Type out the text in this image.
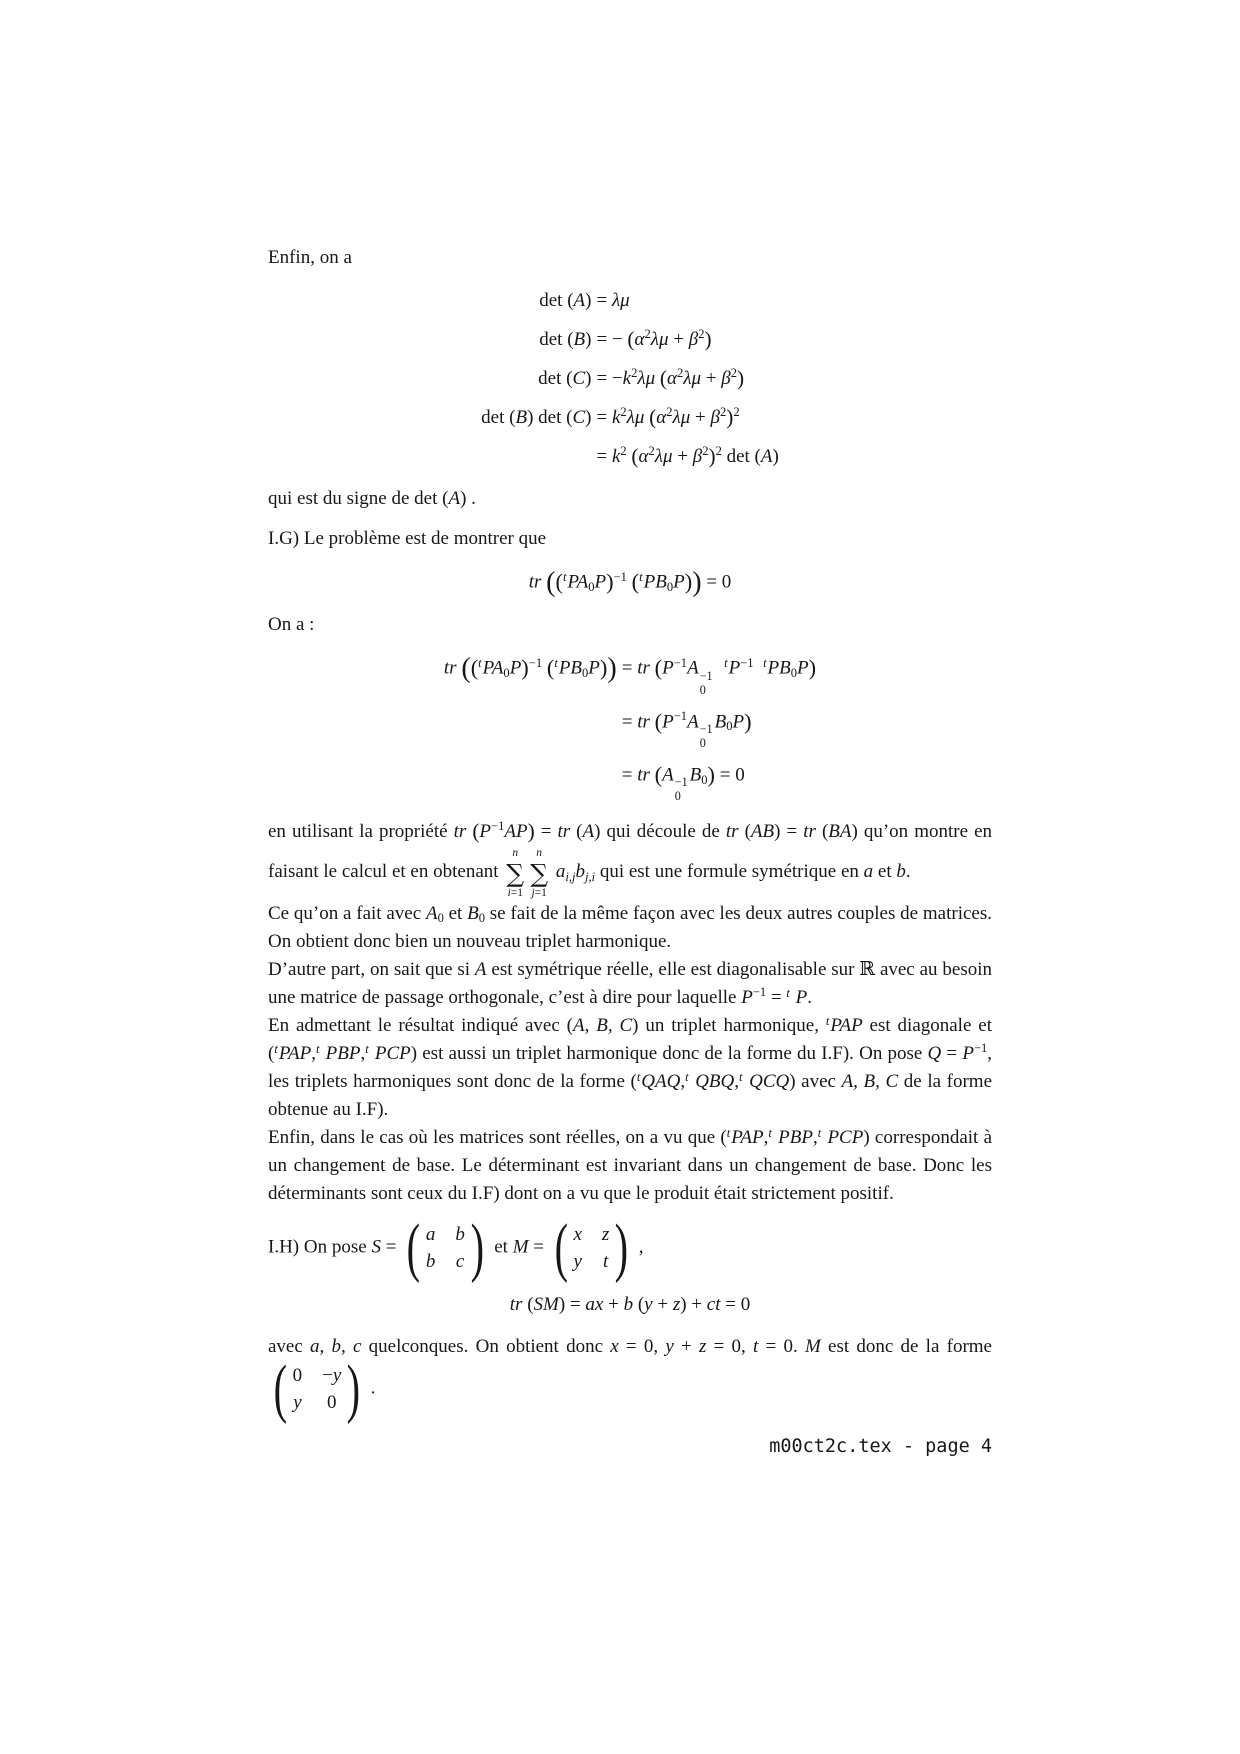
Enfin, on a

det (A) = λμ
det (B) = − $(\alpha^2\lambda\mu + \beta^2)$
$\det (C) = -k^2\lambda\mu$ $(\alpha^2\lambda\mu + \beta^2)$
det (B) $\det (C) = k^2\lambda\mu$ $(\alpha^2\lambda\mu + \beta^2)^2$
= $k^2$ $(\alpha^2\lambda\mu + \beta^2)^2$ det (A)

qui est du signe de det (A) .

I.G) Le problème est de montrer que

tr ($(^tPA_0P)^{-1}$ $(^tPB_0P)) = 0$

On a :

tr ($(^tPA_0P)^{-1}$ $(^tPB_0P)$) = tr ($P^{-1}A -1$
0
$^tP^{-1}$ $^tPB_0P$)
= tr ($P^{-1}A -1$
0
$B_0P$)
= tr (A −1
0
$B_0) = 0$

en utilisant la propriété tr $(P^{-1}AP)$ = tr (A) qui découle de tr (AB) = tr (BA) qu’on montre en faisant le calcul et en obtenant
n
∑
i=1
n
∑
j=1
$a_{i,j}b_{j,i}$ qui est une formule symétrique en a et b.

Ce qu’on a fait avec $A_0$ et $B_0$ se fait de la même façon avec les deux autres couples de matrices. On obtient donc bien un nouveau triplet harmonique.

D’autre part, on sait que si A est symétrique réelle, elle est diagonalisable sur ℝ avec au besoin une matrice de passage orthogonale, c’est à dire pour laquelle $P^{-1} = ^t$ P.

En admettant le résultat indiqué avec (A, B, C) un triplet harmonique, $^t$PAP est diagonale et ($^t$PAP,$^t$ PBP,$^t$ PCP) est aussi un triplet harmonique donc de la forme du I.F). On pose $Q = P^{-1}$, les triplets harmoniques sont donc de la forme ($^t$QAQ,$^t$ QBQ,$^t$ QCQ) avec A, B, C de la forme obtenue au I.F).

Enfin, dans le cas où les matrices sont réelles, on a vu que ($^t$PAP,$^t$ PBP,$^t$ PCP) correspondait à un changement de base. Le déterminant est invariant dans un changement de base. Donc les déterminants sont ceux du I.F) dont on a vu que le produit était strictement positif.

I.H) On pose S = ( a b
b c ) et M = ( x z
y t ) ,

tr (SM) = ax + b (y + z) + ct = 0

avec a, b, c quelconques. On obtient donc x = 0, y + z = 0, t = 0. M est donc de la forme
( 0 −y
y 0 ) .

m00ct2c.tex - page 4
